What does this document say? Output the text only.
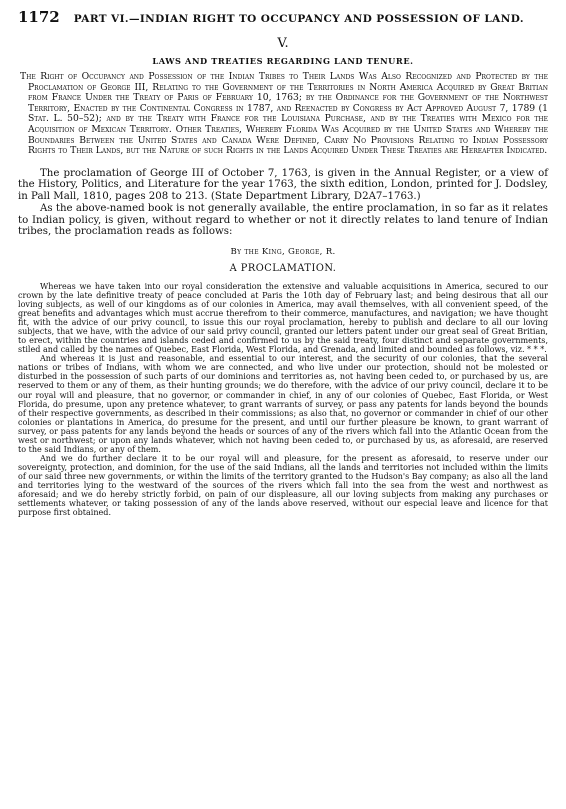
1172 PART VI.—INDIAN RIGHT TO OCCUPANCY AND POSSESSION OF LAND.
V.
LAWS AND TREATIES REGARDING LAND TENURE.
The Right of Occupancy and Possession of the Indian Tribes to Their Lands Was Also Recognized and Protected by the Proclamation of George III, Relating to the Government of the Territories in North America Acquired by Great Britian from France Under the Treaty of Paris of February 10, 1763; by the Ordinance for the Government of the Northwest Territory, Enacted by the Continental Congress in 1787, and Reenacted by Congress by Act Approved August 7, 1789 (1 Stat. L. 50–52); and by the Treaty with France for the Louisiana Purchase, and by the Treaties with Mexico for the Acquisition of Mexican Territory. Other Treaties, Whereby Florida Was Acquired by the United States and Whereby the Boundaries Between the United States and Canada Were Defined, Carry No Provisions Relating to Indian Possessory Rights to Their Lands, but the Nature of such Rights in the Lands Acquired Under These Treaties are Hereafter Indicated.

The proclamation of George III of October 7, 1763, is given in the Annual Register, or a view of the History, Politics, and Literature for the year 1763, the sixth edition, London, printed for J. Dodsley, in Pall Mall, 1810, pages 208 to 213. (State Department Library, D2A7–1763.)

As the above-named book is not generally available, the entire proclamation, in so far as it relates to Indian policy, is given, without regard to whether or not it directly relates to land tenure of Indian tribes, the proclamation reads as follows:

By the King, George, R.
A PROCLAMATION.

Whereas we have taken into our royal consideration the extensive and valuable acquisitions in America, secured to our crown by the late definitive treaty of peace concluded at Paris the 10th day of February last; and being desirous that all our loving subjects, as well of our kingdoms as of our colonies in America, may avail themselves, with all convenient speed, of the great benefits and advantages which must accrue therefrom to their commerce, manufactures, and navigation; we have thought fit, with the advice of our privy council, to issue this our royal proclamation, hereby to publish and declare to all our loving subjects, that we have, with the advice of our said privy council, granted our letters patent under our great seal of Great Britian, to erect, within the countries and islands ceded and confirmed to us by the said treaty, four distinct and separate governments, stiled and called by the names of Quebec, East Florida, West Florida, and Grenada, and limited and bounded as follows, viz. * * *.

And whereas it is just and reasonable, and essential to our interest, and the security of our colonies, that the several nations or tribes of Indians, with whom we are connected, and who live under our protection, should not be molested or disturbed in the possession of such parts of our dominions and territories as, not having been ceded to, or purchased by us, are reserved to them or any of them, as their hunting grounds; we do therefore, with the advice of our privy council, declare it to be our royal will and pleasure, that no governor, or commander in chief, in any of our colonies of Quebec, East Florida, or West Florida, do presume, upon any pretence whatever, to grant warrants of survey, or pass any patents for lands beyond the bounds of their respective governments, as described in their commissions; as also that, no governor or commander in chief of our other colonies or plantations in America, do presume for the present, and until our further pleasure be known, to grant warrant of survey, or pass patents for any lands beyond the heads or sources of any of the rivers which fall into the Atlantic Ocean from the west or northwest; or upon any lands whatever, which not having been ceded to, or purchased by us, as aforesaid, are reserved to the said Indians, or any of them.

And we do further declare it to be our royal will and pleasure, for the present as aforesaid, to reserve under our sovereignty, protection, and dominion, for the use of the said Indians, all the lands and territories not included within the limits of our said three new governments, or within the limits of the territory granted to the Hudson's Bay company; as also all the land and territories lying to the westward of the sources of the rivers which fall into the sea from the west and northwest as aforesaid; and we do hereby strictly forbid, on pain of our displeasure, all our loving subjects from making any purchases or settlements whatever, or taking possession of any of the lands above reserved, without our especial leave and licence for that purpose first obtained.
